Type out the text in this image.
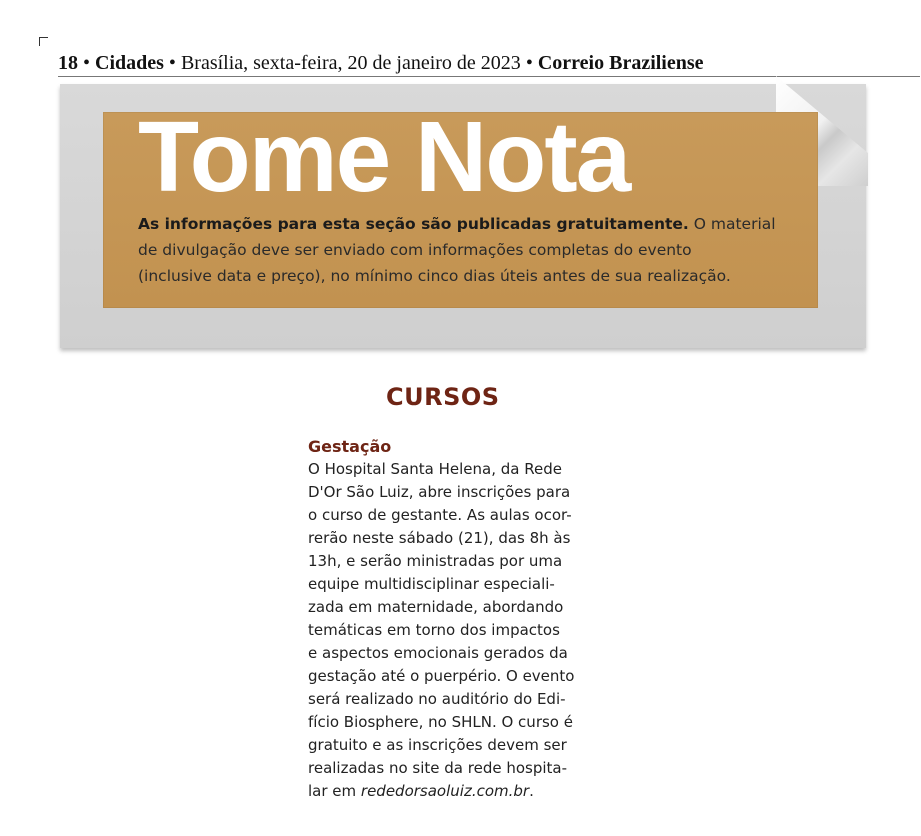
18 • Cidades • Brasília, sexta-feira, 20 de janeiro de 2023 • Correio Braziliense
Tome Nota
As informações para esta seção são publicadas gratuitamente. O material
de divulgação deve ser enviado com informações completas do evento
(inclusive data e preço), no mínimo cinco dias úteis antes de sua realização.
CURSOS
Gestação
O Hospital Santa Helena, da Rede
D'Or São Luiz, abre inscrições para
o curso de gestante. As aulas ocor-
rerão neste sábado (21), das 8h às
13h, e serão ministradas por uma
equipe multidisciplinar especiali-
zada em maternidade, abordando
temáticas em torno dos impactos
e aspectos emocionais gerados da
gestação até o puerpério. O evento
será realizado no auditório do Edi-
fício Biosphere, no SHLN. O curso é
gratuito e as inscrições devem ser
realizadas no site da rede hospita-
lar em rededorsaoluiz.com.br.
